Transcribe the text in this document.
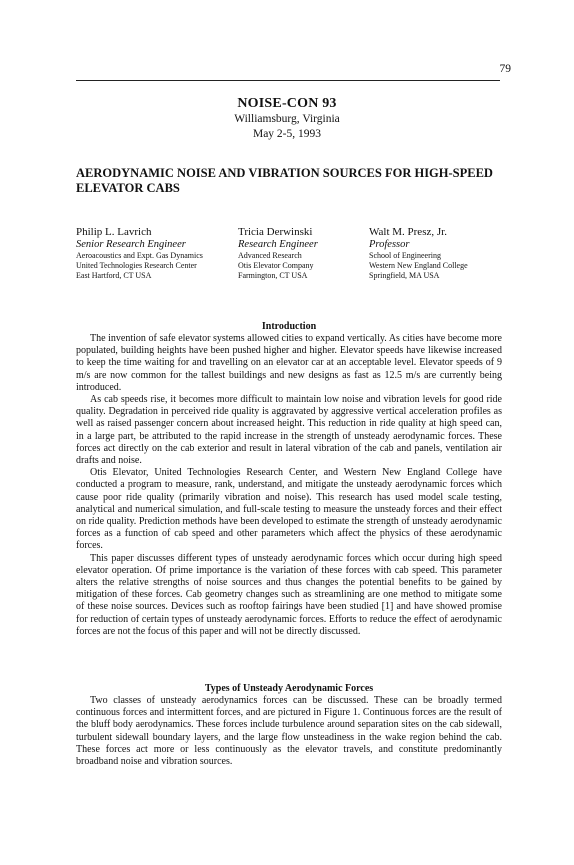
79
NOISE-CON 93
Williamsburg, Virginia
May 2-5, 1993
AERODYNAMIC NOISE AND VIBRATION SOURCES FOR HIGH-SPEED ELEVATOR CABS
Philip L. Lavrich
Senior Research Engineer
Aeroacoustics and Expt. Gas Dynamics
United Technologies Research Center
East Hartford, CT USA
Tricia Derwinski
Research Engineer
Advanced Research
Otis Elevator Company
Farmington, CT USA
Walt M. Presz, Jr.
Professor
School of Engineering
Western New England College
Springfield, MA USA
Introduction

The invention of safe elevator systems allowed cities to expand vertically. As cities have become more populated, building heights have been pushed higher and higher. Elevator speeds have likewise increased to keep the time waiting for and travelling on an elevator car at an acceptable level. Elevator speeds of 9 m/s are now common for the tallest buildings and new designs as fast as 12.5 m/s are currently being introduced.

As cab speeds rise, it becomes more difficult to maintain low noise and vibration levels for good ride quality. Degradation in perceived ride quality is aggravated by aggressive vertical acceleration profiles as well as raised passenger concern about increased height. This reduction in ride quality at high speed can, in a large part, be attributed to the rapid increase in the strength of unsteady aerodynamic forces. These forces act directly on the cab exterior and result in lateral vibration of the cab and panels, ventilation air drafts and noise.

Otis Elevator, United Technologies Research Center, and Western New England College have conducted a program to measure, rank, understand, and mitigate the unsteady aerodynamic forces which cause poor ride quality (primarily vibration and noise). This research has used model scale testing, analytical and numerical simulation, and full-scale testing to measure the unsteady forces and their effect on ride quality. Prediction methods have been developed to estimate the strength of unsteady aerodynamic forces as a function of cab speed and other parameters which affect the physics of these aerodynamic forces.

This paper discusses different types of unsteady aerodynamic forces which occur during high speed elevator operation. Of prime importance is the variation of these forces with cab speed. This parameter alters the relative strengths of noise sources and thus changes the potential benefits to be gained by mitigation of these forces. Cab geometry changes such as streamlining are one method to mitigate some of these noise sources. Devices such as rooftop fairings have been studied [1] and have showed promise for reduction of certain types of unsteady aerodynamic forces. Efforts to reduce the effect of aerodynamic forces are not the focus of this paper and will not be directly discussed.

Types of Unsteady Aerodynamic Forces

Two classes of unsteady aerodynamics forces can be discussed. These can be broadly termed continuous forces and intermittent forces, and are pictured in Figure 1. Continuous forces are the result of the bluff body aerodynamics. These forces include turbulence around separation sites on the cab sidewall, turbulent sidewall boundary layers, and the large flow unsteadiness in the wake region behind the cab. These forces act more or less continuously as the elevator travels, and constitute predominantly broadband noise and vibration sources.
